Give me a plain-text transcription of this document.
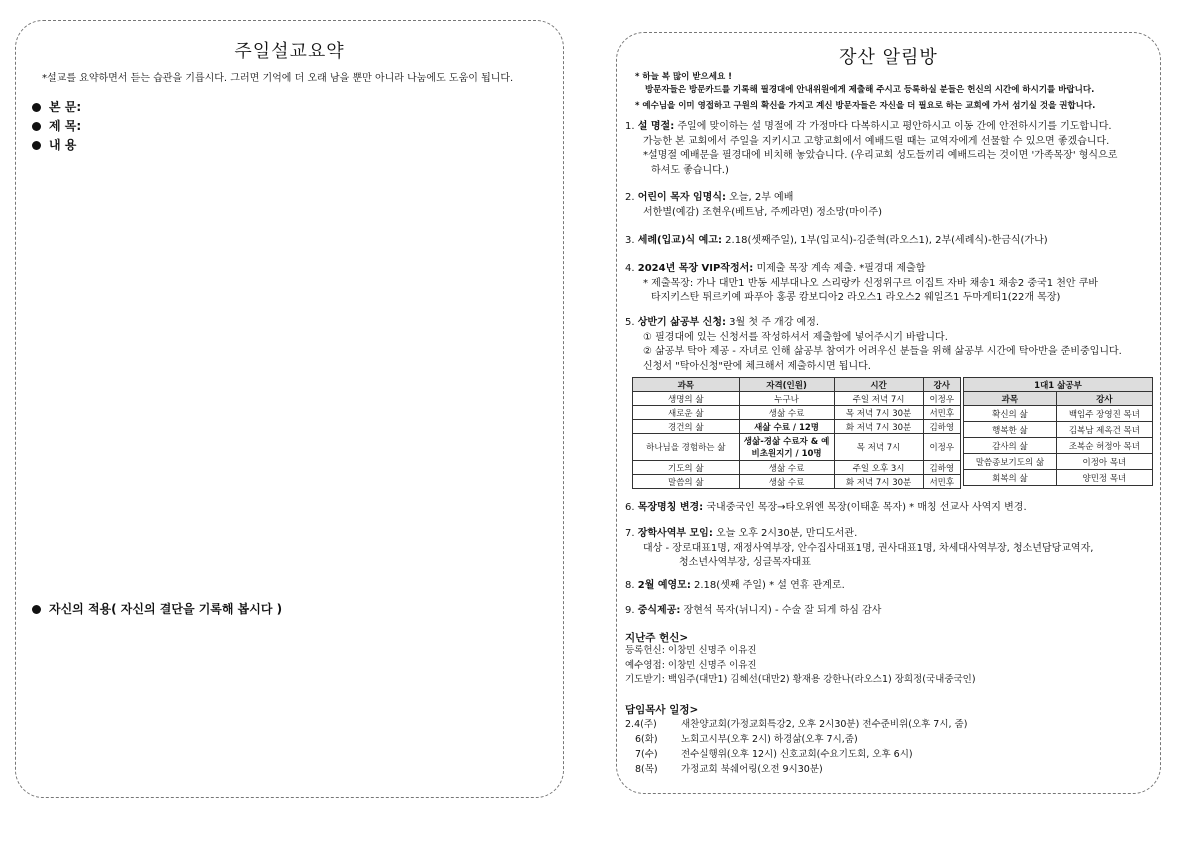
주일설교요약
*설교를 요약하면서 듣는 습관을 기릅시다. 그러면 기억에 더 오래 남을 뿐만 아니라 나눔에도 도움이 됩니다.
본 문:
제 목:
내 용
자신의 적용( 자신의 결단을 기록해 봅시다 )
장산 알림방
* 하늘 복 많이 받으세요 !
방문자들은 방문카드를 기록해 필경대에 안내위원에게 제출해 주시고 등록하실 분들은 헌신의 시간에 하시기를 바랍니다.
* 예수님을 이미 영접하고 구원의 확신을 가지고 계신 방문자들은 자신을 더 필요로 하는 교회에 가서 섬기실 것을 권합니다.
1. 설 명절: 주일에 맞이하는 설 명절에 각 가정마다 다복하시고 평안하시고 이동 간에 안전하시기를 기도합니다.
가능한 본 교회에서 주일을 지키시고 고향교회에서 예배드릴 때는 교역자에게 선물할 수 있으면 좋겠습니다.
*설명절 예배문을 필경대에 비치해 놓았습니다. (우리교회 성도들끼리 예배드리는 것이면 '가족목장' 형식으로
하셔도 좋습니다.)
2. 어린이 목자 임명식: 오늘, 2부 예배
서한별(예감) 조현우(베트남, 주께라면) 정소망(마이주)
3. 세례(입교)식 예고: 2.18(셋째주일), 1부(입교식)-김준혁(라오스1), 2부(세례식)-한금식(가나)
4. 2024년 목장 VIP작정서: 미제출 목장 계속 제출. *필경대 제출함
* 제출목장: 가나 대만1 반동 세부대나오 스리랑카 신정위구르 이집트 자바 채송1 채송2 중국1 천안 쿠바
타지키스탄 튀르키예 파푸아 홍콩 캄보디아2 라오스1 라오스2 웨일즈1 두마게티1(22개 목장)
5. 상반기 삶공부 신청: 3월 첫 주 개강 예정.
① 필경대에 있는 신청서를 작성하셔서 제출함에 넣어주시기 바랍니다.
② 삶공부 탁아 제공 - 자녀로 인해 삶공부 참여가 어려우신 분들을 위해 삶공부 시간에 탁아반을 준비중입니다.
신청서 "탁아신청"란에 체크해서 제출하시면 됩니다.
과목	자격(인원)	시간	강사
생명의 삶	누구나	주일 저녁 7시	이정우
새로운 삶	생삶 수료	목 저녁 7시 30분	서민후
경건의 삶	새삶 수료 / 12명	화 저녁 7시 30분	김하영
하나님을 경험하는 삶	생삶-경삶 수료자 & 예비초원지기 / 10명	목 저녁 7시	이정우
기도의 삶	생삶 수료	주일 오후 3시	김하영
말씀의 삶	생삶 수료	화 저녁 7시 30분	서민후
1대1 삶공부	
과목	강사
확신의 삶	백임주 장영진 목녀
행복한 삶	김복남 제옥건 목녀
감사의 삶	조복순 허정아 목녀
말씀종보기도의 삶	이정아 목녀
회복의 삶	양민정 목녀
6. 목장명칭 변경: 국내중국인 목장→타오위엔 목장(이태훈 목자) * 매칭 선교사 사역지 변경.
7. 장학사역부 모임: 오늘 오후 2시30분, 만디도서관.
대상 - 장로대표1명, 재정사역부장, 안수집사대표1명, 권사대표1명, 차세대사역부장, 청소년담당교역자,
청소년사역부장, 싱글목자대표
8. 2월 예영모: 2.18(셋째 주일) * 설 연휴 관계로.
9. 중식제공: 장현석 목자(뉘니지) - 수술 잘 되게 하심 감사
지난주 헌신>
등록헌신: 이창민 신명주 이유진
예수영접: 이창민 신명주 이유진
기도받기: 백임주(대만1) 김혜선(대만2) 황재용 강한나(라오스1) 장희정(국내중국인)
담임목사 일정>
2.4(주)	새찬양교회(가정교회특강2, 오후 2시30분) 전수준비위(오후 7시, 줌)
6(화) 노회고시부(오후 2시) 하경삶(오후 7시,줌)
7(수) 전수실행위(오후 12시) 신호교회(수요기도회, 오후 6시)
8(목) 가정교회 북쉐어링(오전 9시30분)
